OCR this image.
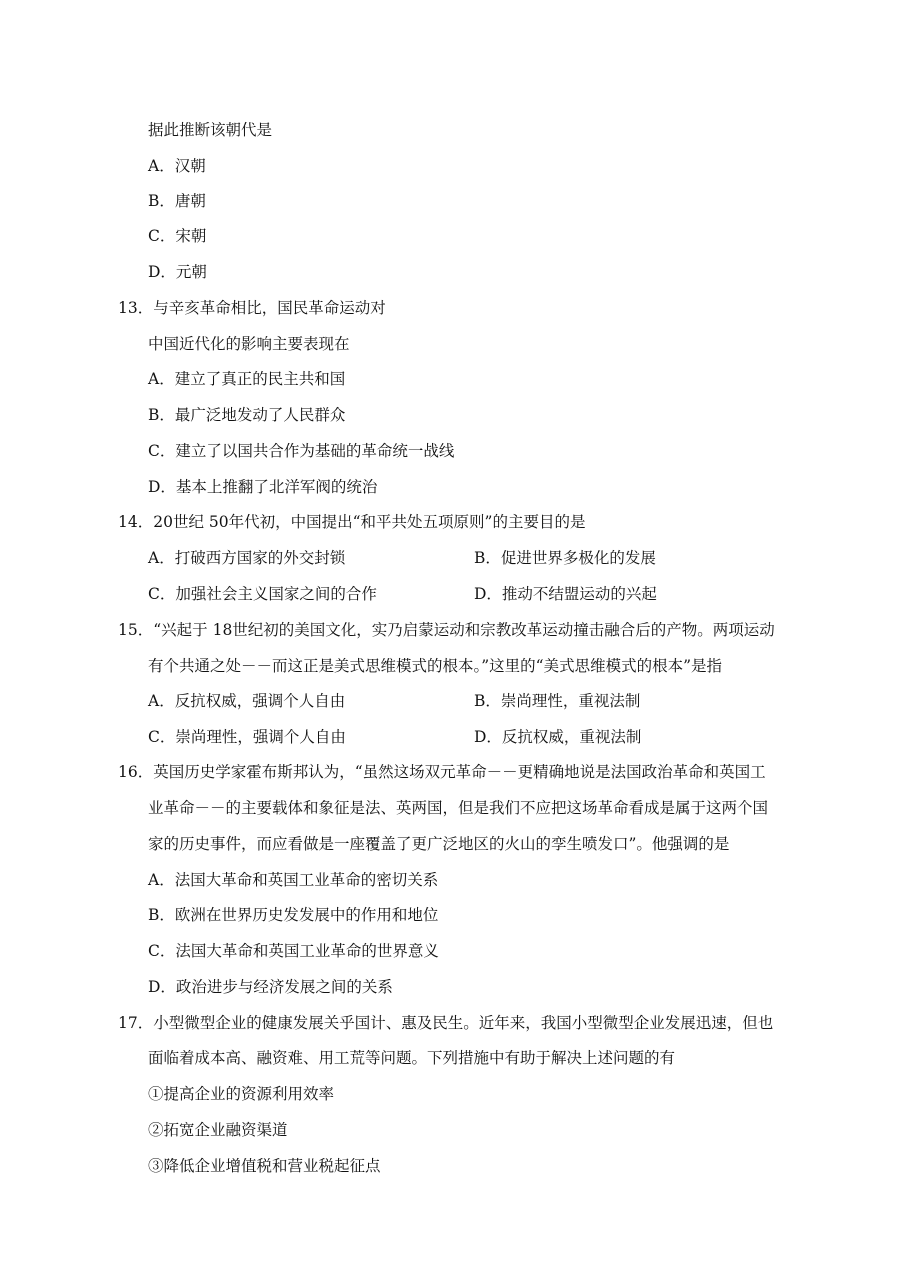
据此推断该朝代是
A．汉朝
B．唐朝
C．宋朝
D．元朝
13．与辛亥革命相比，国民革命运动对
中国近代化的影响主要表现在
A．建立了真正的民主共和国
B．最广泛地发动了人民群众
C．建立了以国共合作为基础的革命统一战线
D．基本上推翻了北洋军阀的统治
14．20世纪 50年代初，中国提出“和平共处五项原则”的主要目的是
A．打破西方国家的外交封锁	B．促进世界多极化的发展
C．加强社会主义国家之间的合作	D．推动不结盟运动的兴起
15．“兴起于 18世纪初的美国文化，实乃启蒙运动和宗教改革运动撞击融合后的产物。两项运动
有个共通之处－－而这正是美式思维模式的根本。”这里的“美式思维模式的根本”是指
A．反抗权威，强调个人自由	B．崇尚理性，重视法制
C．崇尚理性，强调个人自由	D．反抗权威，重视法制
16．英国历史学家霍布斯邦认为，“虽然这场双元革命－－更精确地说是法国政治革命和英国工
业革命－－的主要载体和象征是法、英两国，但是我们不应把这场革命看成是属于这两个国
家的历史事件，而应看做是一座覆盖了更广泛地区的火山的孪生喷发口”。他强调的是
A．法国大革命和英国工业革命的密切关系
B．欧洲在世界历史发发展中的作用和地位
C．法国大革命和英国工业革命的世界意义
D．政治进步与经济发展之间的关系
17．小型微型企业的健康发展关乎国计、惠及民生。近年来，我国小型微型企业发展迅速，但也
面临着成本高、融资难、用工荒等问题。下列措施中有助于解决上述问题的有
①提高企业的资源利用效率
②拓宽企业融资渠道
③降低企业增值税和营业税起征点
